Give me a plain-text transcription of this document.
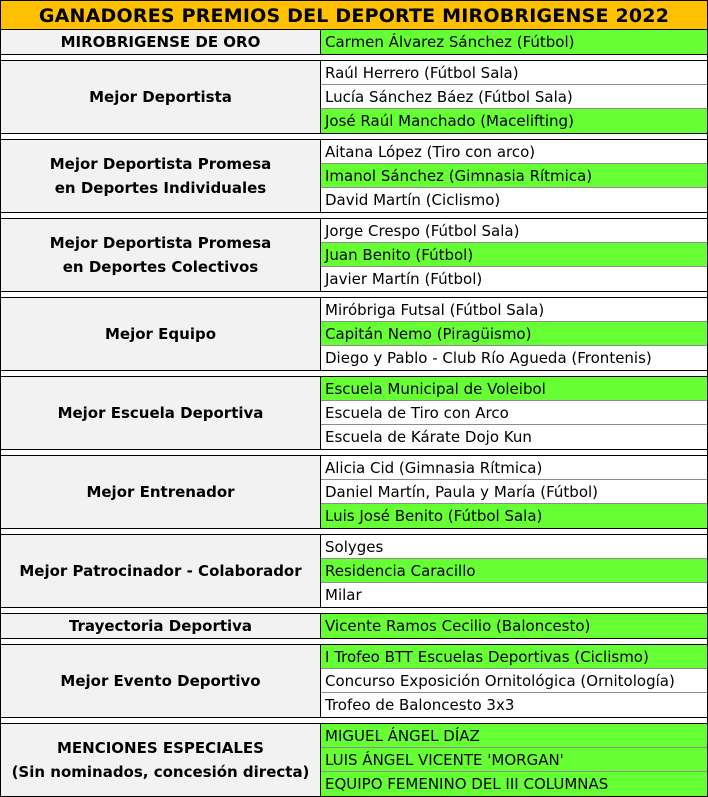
GANADORES PREMIOS DEL DEPORTE MIROBRIGENSE 2022
MIROBRIGENSE DE ORO	Carmen Álvarez Sánchez (Fútbol)
Mejor Deportista
Raúl Herrero (Fútbol Sala)
Lucía Sánchez Báez (Fútbol Sala)
José Raúl Manchado (Macelifting)
Mejor Deportista Promesa
en Deportes Individuales
Aitana López (Tiro con arco)
Imanol Sánchez (Gimnasia Rítmica)
David Martín (Ciclismo)
Mejor Deportista Promesa
en Deportes Colectivos
Jorge Crespo (Fútbol Sala)
Juan Benito (Fútbol)
Javier Martín (Fútbol)
Mejor Equipo
Miróbriga Futsal (Fútbol Sala)
Capitán Nemo (Piragüismo)
Diego y Pablo - Club Río Agueda (Frontenis)
Mejor Escuela Deportiva
Escuela Municipal de Voleibol
Escuela de Tiro con Arco
Escuela de Kárate Dojo Kun
Mejor Entrenador
Alicia Cid (Gimnasia Rítmica)
Daniel Martín, Paula y María (Fútbol)
Luis José Benito (Fútbol Sala)
Mejor Patrocinador - Colaborador
Solyges
Residencia Caracillo
Milar
Trayectoria Deportiva	Vicente Ramos Cecilio (Baloncesto)
Mejor Evento Deportivo
I Trofeo BTT Escuelas Deportivas (Ciclismo)
Concurso Exposición Ornitológica (Ornitología)
Trofeo de Baloncesto 3x3
MENCIONES ESPECIALES
(Sin nominados, concesión directa)
MIGUEL ÁNGEL DÍAZ
LUIS ÁNGEL VICENTE 'MORGAN'
EQUIPO FEMENINO DEL III COLUMNAS
